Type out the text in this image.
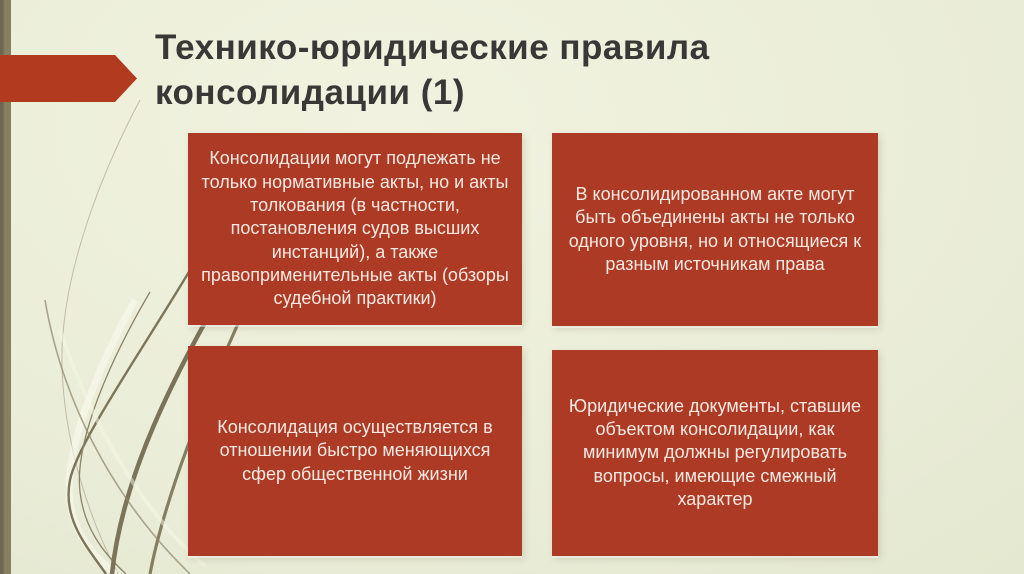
Технико-юридические правила консолидации (1)
Консолидации могут подлежать не только нормативные акты, но и акты толкования (в частности, постановления судов высших инстанций), а также правоприменительные акты (обзоры судебной практики)
В консолидированном акте могут быть объединены акты не только одного уровня, но и относящиеся к разным источникам права
Консолидация осуществляется в отношении быстро меняющихся сфер общественной жизни
Юридические документы, ставшие объектом консолидации, как минимум должны регулировать вопросы, имеющие смежный характер
